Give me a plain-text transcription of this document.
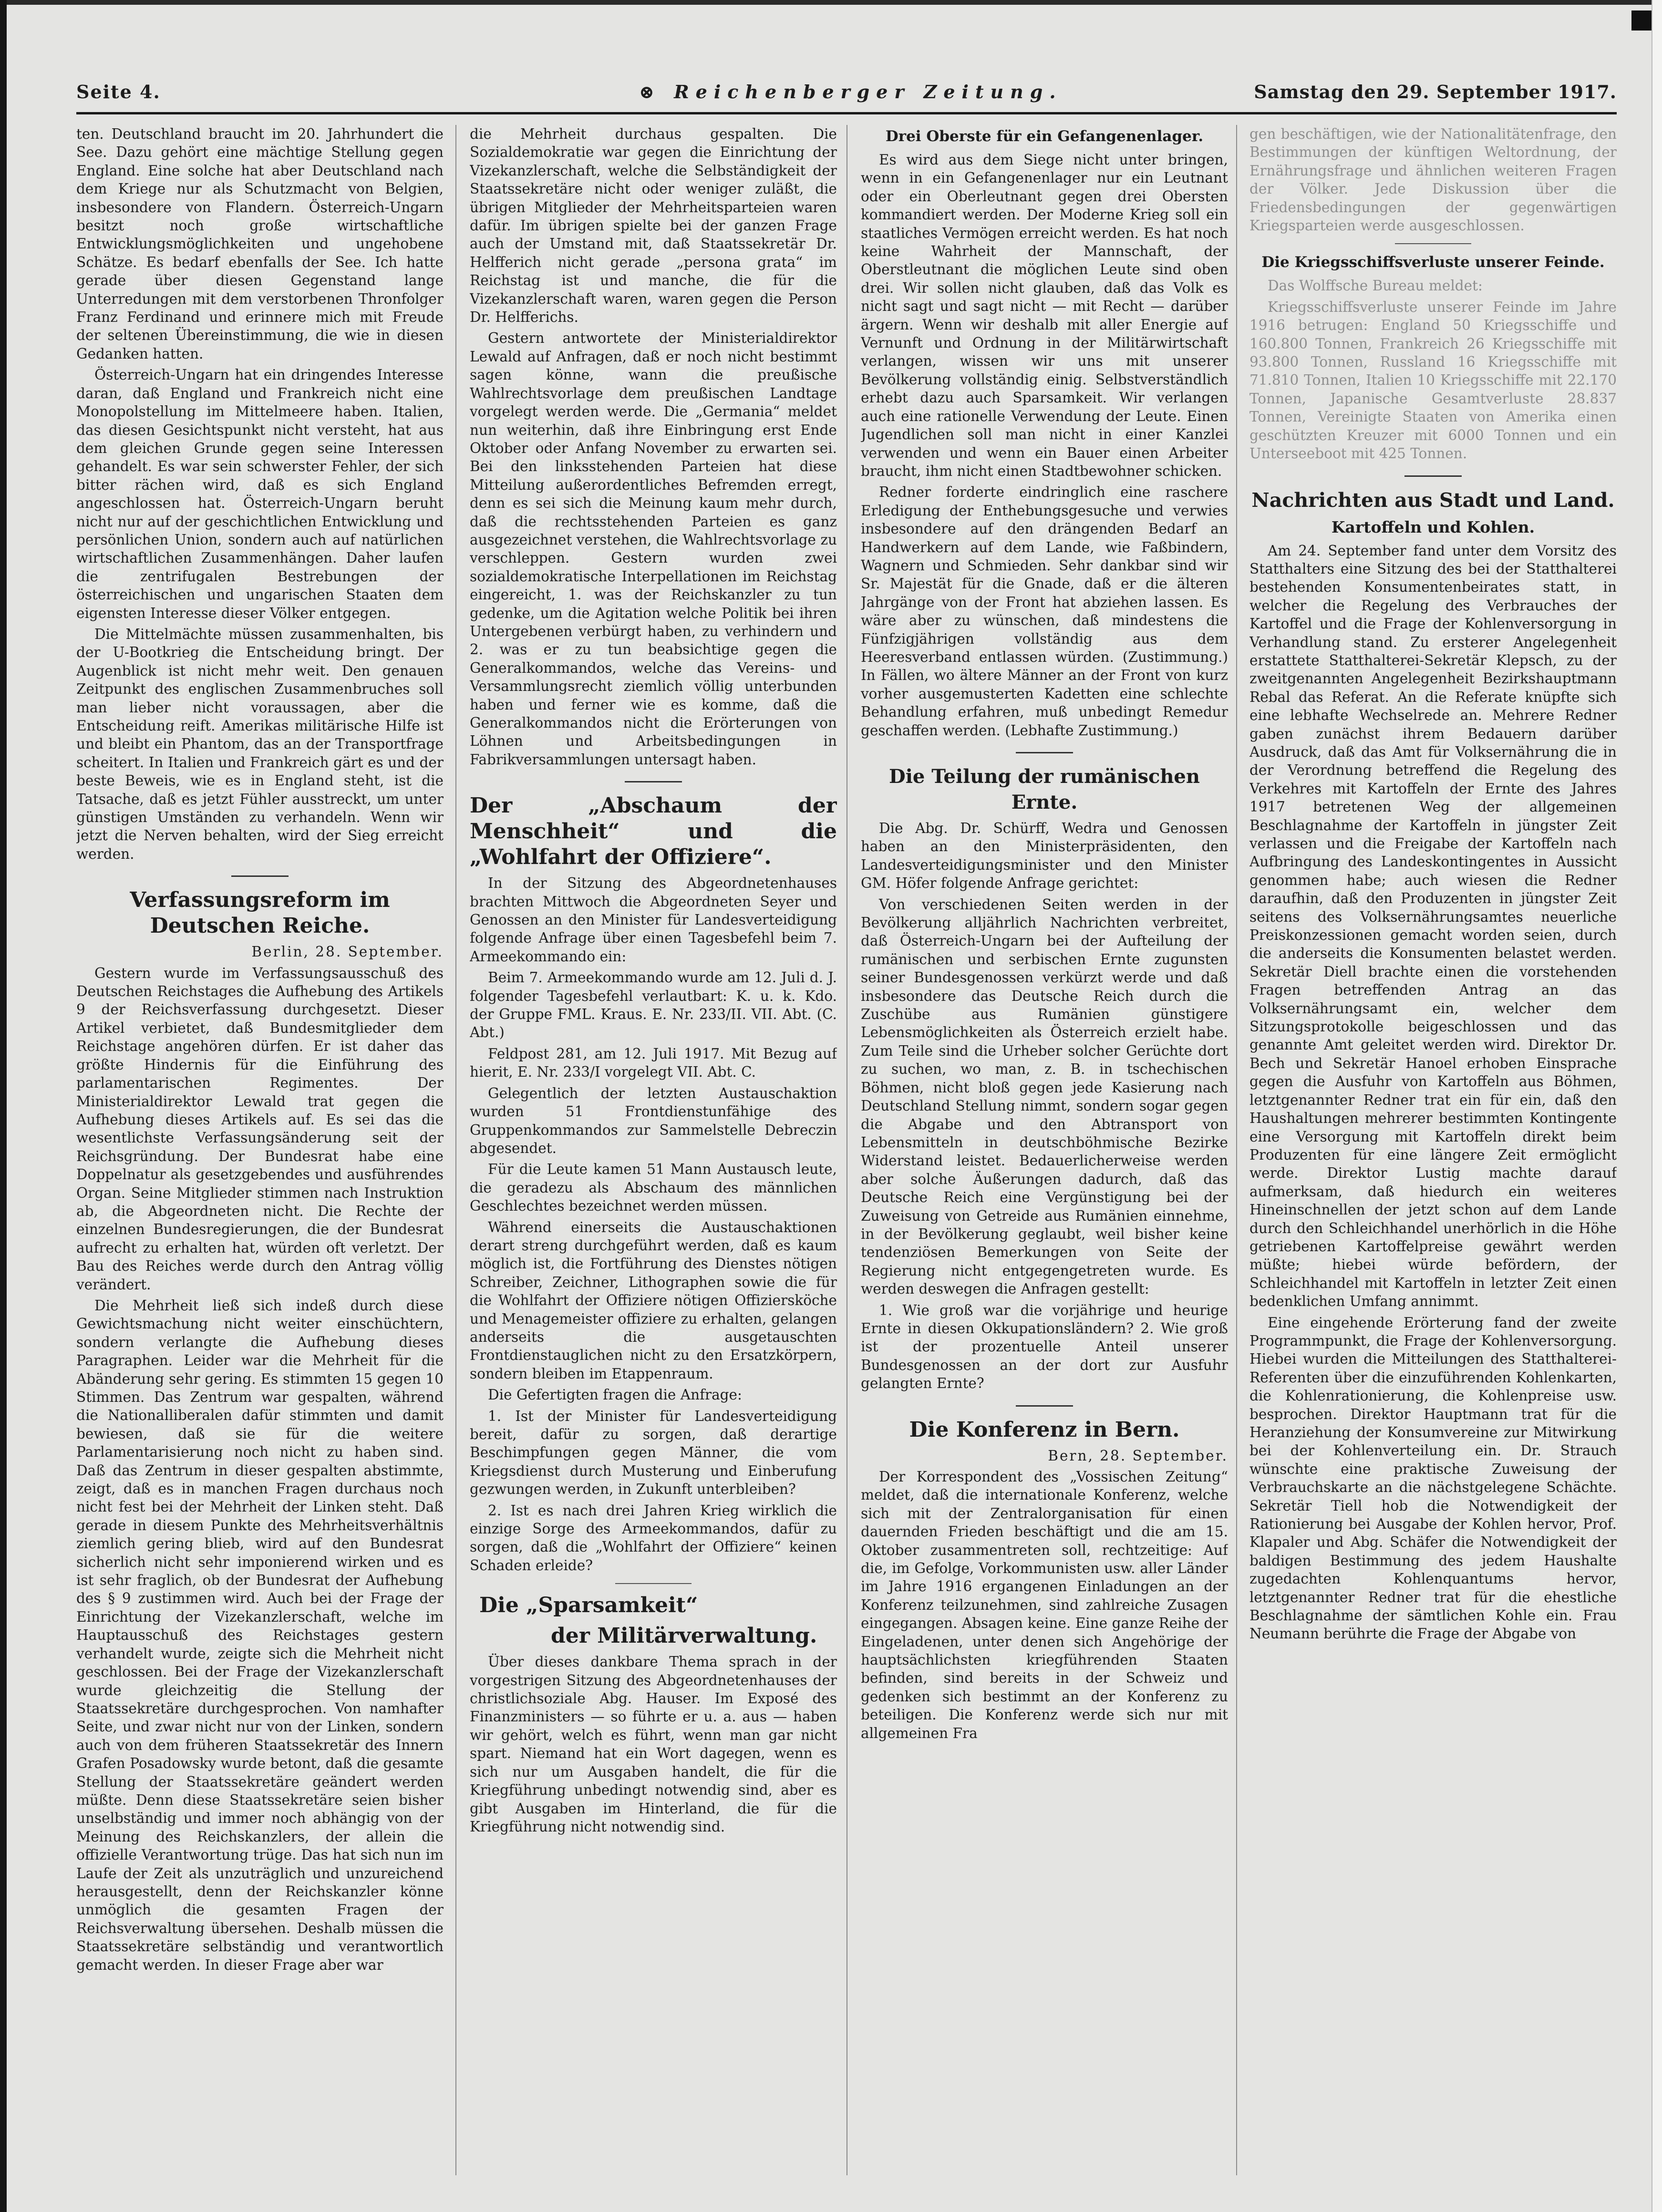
Seite 4.	⊗ Reichenberger Zeitung.	Samstag den 29. September 1917.

ten. Deutschland braucht im 20. Jahrhundert die See. Dazu gehört eine mächtige Stellung gegen England. Eine solche hat aber Deutschland nach dem Kriege nur als Schutzmacht von Belgien, insbesondere von Flandern. Österreich-Ungarn besitzt noch große wirtschaftliche Entwicklungsmöglichkeiten und ungehobene Schätze. Es bedarf ebenfalls der See. Ich hatte gerade über diesen Gegenstand lange Unterredungen mit dem verstorbenen Thronfolger Franz Ferdinand und erinnere mich mit Freude der seltenen Übereinstimmung, die wie in diesen Gedanken hatten.

Österreich-Ungarn hat ein dringendes Interesse daran, daß England und Frankreich nicht eine Monopolstellung im Mittelmeere haben. Italien, das diesen Gesichtspunkt nicht versteht, hat aus dem gleichen Grunde gegen seine Interessen gehandelt. Es war sein schwerster Fehler, der sich bitter rächen wird, daß es sich England angeschlossen hat. Österreich-Ungarn beruht nicht nur auf der geschichtlichen Entwicklung und persönlichen Union, sondern auch auf natürlichen wirtschaftlichen Zusammenhängen. Daher laufen die zentrifugalen Bestrebungen der österreichischen und ungarischen Staaten dem eigensten Interesse dieser Völker entgegen.

Die Mittelmächte müssen zusammenhalten, bis der U-Bootkrieg die Entscheidung bringt. Der Augenblick ist nicht mehr weit. Den genauen Zeitpunkt des englischen Zusammenbruches soll man lieber nicht voraussagen, aber die Entscheidung reift. Amerikas militärische Hilfe ist und bleibt ein Phantom, das an der Transportfrage scheitert. In Italien und Frankreich gärt es und der beste Beweis, wie es in England steht, ist die Tatsache, daß es jetzt Fühler ausstreckt, um unter günstigen Umständen zu verhandeln. Wenn wir jetzt die Nerven behalten, wird der Sieg erreicht werden.

Verfassungsreform im Deutschen Reiche.

Berlin, 28. September.

Gestern wurde im Verfassungsausschuß des Deutschen Reichstages die Aufhebung des Artikels 9 der Reichsverfassung durchgesetzt. Dieser Artikel verbietet, daß Bundesmitglieder dem Reichstage angehören dürfen. Er ist daher das größte Hindernis für die Einführung des parlamentarischen Regimentes. Der Ministerialdirektor Lewald trat gegen die Aufhebung dieses Artikels auf. Es sei das die wesentlichste Verfassungsänderung seit der Reichsgründung. Der Bundesrat habe eine Doppelnatur als gesetzgebendes und ausführendes Organ. Seine Mitglieder stimmen nach Instruktion ab, die Abgeordneten nicht. Die Rechte der einzelnen Bundesregierungen, die der Bundesrat aufrecht zu erhalten hat, würden oft verletzt. Der Bau des Reiches werde durch den Antrag völlig verändert.

Die Mehrheit ließ sich indeß durch diese Gewichtsmachung nicht weiter einschüchtern, sondern verlangte die Aufhebung dieses Paragraphen. Leider war die Mehrheit für die Abänderung sehr gering. Es stimmten 15 gegen 10 Stimmen. Das Zentrum war gespalten, während die Nationalliberalen dafür stimmten und damit bewiesen, daß sie für die weitere Parlamentarisierung noch nicht zu haben sind. Daß das Zentrum in dieser gespalten abstimmte, zeigt, daß es in manchen Fragen durchaus noch nicht fest bei der Mehrheit der Linken steht. Daß gerade in diesem Punkte des Mehrheitsverhältnis ziemlich gering blieb, wird auf den Bundesrat sicherlich nicht sehr imponierend wirken und es ist sehr fraglich, ob der Bundesrat der Aufhebung des § 9 zustimmen wird. Auch bei der Frage der Einrichtung der Vizekanzlerschaft, welche im Hauptausschuß des Reichstages gestern verhandelt wurde, zeigte sich die Mehrheit nicht geschlossen. Bei der Frage der Vizekanzlerschaft wurde gleichzeitig die Stellung der Staatssekretäre durchgesprochen. Von namhafter Seite, und zwar nicht nur von der Linken, sondern auch von dem früheren Staatssekretär des Innern Grafen Posadowsky wurde betont, daß die gesamte Stellung der Staatssekretäre geändert werden müßte. Denn diese Staatssekretäre seien bisher unselbständig und immer noch abhängig von der Meinung des Reichskanzlers, der allein die offizielle Verantwortung trüge. Das hat sich nun im Laufe der Zeit als unzuträglich und unzureichend herausgestellt, denn der Reichskanzler könne unmöglich die gesamten Fragen der Reichsverwaltung übersehen. Deshalb müssen die Staatssekretäre selbständig und verantwortlich gemacht werden. In dieser Frage aber war

die Mehrheit durchaus gespalten. Die Sozialdemokratie war gegen die Einrichtung der Vizekanzlerschaft, welche die Selbständigkeit der Staatssekretäre nicht oder weniger zuläßt, die übrigen Mitglieder der Mehrheitsparteien waren dafür. Im übrigen spielte bei der ganzen Frage auch der Umstand mit, daß Staatssekretär Dr. Helfferich nicht gerade „persona grata“ im Reichstag ist und manche, die für die Vizekanzlerschaft waren, waren gegen die Person Dr. Helfferichs.

Gestern antwortete der Ministerialdirektor Lewald auf Anfragen, daß er noch nicht bestimmt sagen könne, wann die preußische Wahlrechtsvorlage dem preußischen Landtage vorgelegt werden werde. Die „Germania“ meldet nun weiterhin, daß ihre Einbringung erst Ende Oktober oder Anfang November zu erwarten sei. Bei den linksstehenden Parteien hat diese Mitteilung außerordentliches Befremden erregt, denn es sei sich die Meinung kaum mehr durch, daß die rechtsstehenden Parteien es ganz ausgezeichnet verstehen, die Wahlrechtsvorlage zu verschleppen. Gestern wurden zwei sozialdemokratische Interpellationen im Reichstag eingereicht, 1. was der Reichskanzler zu tun gedenke, um die Agitation welche Politik bei ihren Untergebenen verbürgt haben, zu verhindern und 2. was er zu tun beabsichtige gegen die Generalkommandos, welche das Vereins- und Versammlungsrecht ziemlich völlig unterbunden haben und ferner wie es komme, daß die Generalkommandos nicht die Erörterungen von Löhnen und Arbeitsbedingungen in Fabrikversammlungen untersagt haben.

Der „Abschaum der Menschheit“ und die „Wohlfahrt der Offiziere“.

In der Sitzung des Abgeordnetenhauses brachten Mittwoch die Abgeordneten Seyer und Genossen an den Minister für Landesverteidigung folgende Anfrage über einen Tagesbefehl beim 7. Armeekommando ein:

Beim 7. Armeekommando wurde am 12. Juli d. J. folgender Tagesbefehl verlautbart: K. u. k. Kdo. der Gruppe FML. Kraus. E. Nr. 233/II. VII. Abt. (C. Abt.)

Feldpost 281, am 12. Juli 1917. Mit Bezug auf hierit, E. Nr. 233/I vorgelegt VII. Abt. C.

Gelegentlich der letzten Austauschaktion wurden 51 Frontdienstunfähige des Gruppenkommandos zur Sammelstelle Debreczin abgesendet.

Für die Leute kamen 51 Mann Austausch leute, die geradezu als Abschaum des männlichen Geschlechtes bezeichnet werden müssen.

Während einerseits die Austauschaktionen derart streng durchgeführt werden, daß es kaum möglich ist, die Fortführung des Dienstes nötigen Schreiber, Zeichner, Lithographen sowie die für die Wohlfahrt der Offiziere nötigen Offiziersköche und Menagemeister offiziere zu erhalten, gelangen anderseits die ausgetauschten Frontdienstauglichen nicht zu den Ersatzkörpern, sondern bleiben im Etappenraum.

Die Gefertigten fragen die Anfrage:

1. Ist der Minister für Landesverteidigung bereit, dafür zu sorgen, daß derartige Beschimpfungen gegen Männer, die vom Kriegsdienst durch Musterung und Einberufung gezwungen werden, in Zukunft unterbleiben?

2. Ist es nach drei Jahren Krieg wirklich die einzige Sorge des Armeekommandos, dafür zu sorgen, daß die „Wohlfahrt der Offiziere“ keinen Schaden erleide?

Die „Sparsamkeit“
der Militärverwaltung.

Über dieses dankbare Thema sprach in der vorgestrigen Sitzung des Abgeordnetenhauses der christlichsoziale Abg. Hauser. Im Exposé des Finanzministers — so führte er u. a. aus — haben wir gehört, welch es führt, wenn man gar nicht spart. Niemand hat ein Wort dagegen, wenn es sich nur um Ausgaben handelt, die für die Kriegführung unbedingt notwendig sind, aber es gibt Ausgaben im Hinterland, die für die Kriegführung nicht notwendig sind.

Drei Oberste für ein Gefangenenlager.

Es wird aus dem Siege nicht unter bringen, wenn in ein Gefangenenlager nur ein Leutnant oder ein Oberleutnant gegen drei Obersten kommandiert werden. Der Moderne Krieg soll ein staatliches Vermögen erreicht werden. Es hat noch keine Wahrheit der Mannschaft, der Oberstleutnant die möglichen Leute sind oben drei. Wir sollen nicht glauben, daß das Volk es nicht sagt und sagt nicht — mit Recht — darüber ärgern. Wenn wir deshalb mit aller Energie auf Vernunft und Ordnung in der Militärwirtschaft verlangen, wissen wir uns mit unserer Bevölkerung vollständig einig. Selbstverständlich erhebt dazu auch Sparsamkeit. Wir verlangen auch eine rationelle Verwendung der Leute. Einen Jugendlichen soll man nicht in einer Kanzlei verwenden und wenn ein Bauer einen Arbeiter braucht, ihm nicht einen Stadtbewohner schicken.

Redner forderte eindringlich eine raschere Erledigung der Enthebungsgesuche und verwies insbesondere auf den drängenden Bedarf an Handwerkern auf dem Lande, wie Faßbindern, Wagnern und Schmieden. Sehr dankbar sind wir Sr. Majestät für die Gnade, daß er die älteren Jahrgänge von der Front hat abziehen lassen. Es wäre aber zu wünschen, daß mindestens die Fünfzigjährigen vollständig aus dem Heeresverband entlassen würden. (Zustimmung.) In Fällen, wo ältere Männer an der Front von kurz vorher ausgemusterten Kadetten eine schlechte Behandlung erfahren, muß unbedingt Remedur geschaffen werden. (Lebhafte Zustimmung.)

Die Teilung der rumänischen Ernte.

Die Abg. Dr. Schürff, Wedra und Genossen haben an den Ministerpräsidenten, den Landesverteidigungsminister und den Minister GM. Höfer folgende Anfrage gerichtet:

Von verschiedenen Seiten werden in der Bevölkerung alljährlich Nachrichten verbreitet, daß Österreich-Ungarn bei der Aufteilung der rumänischen und serbischen Ernte zugunsten seiner Bundesgenossen verkürzt werde und daß insbesondere das Deutsche Reich durch die Zuschübe aus Rumänien günstigere Lebensmöglichkeiten als Österreich erzielt habe. Zum Teile sind die Urheber solcher Gerüchte dort zu suchen, wo man, z. B. in tschechischen Böhmen, nicht bloß gegen jede Kasierung nach Deutschland Stellung nimmt, sondern sogar gegen die Abgabe und den Abtransport von Lebensmitteln in deutschböhmische Bezirke Widerstand leistet. Bedauerlicherweise werden aber solche Äußerungen dadurch, daß das Deutsche Reich eine Vergünstigung bei der Zuweisung von Getreide aus Rumänien einnehme, in der Bevölkerung geglaubt, weil bisher keine tendenziösen Bemerkungen von Seite der Regierung nicht entgegengetreten wurde. Es werden deswegen die Anfragen gestellt:

1. Wie groß war die vorjährige und heurige Ernte in diesen Okkupationsländern? 2. Wie groß ist der prozentuelle Anteil unserer Bundesgenossen an der dort zur Ausfuhr gelangten Ernte?

Die Konferenz in Bern.

Bern, 28. September.

Der Korrespondent des „Vossischen Zeitung“ meldet, daß die internationale Konferenz, welche sich mit der Zentralorganisation für einen dauernden Frieden beschäftigt und die am 15. Oktober zusammentreten soll, rechtzeitige: Auf die, im Gefolge, Vorkommunisten usw. aller Länder im Jahre 1916 ergangenen Einladungen an der Konferenz teilzunehmen, sind zahlreiche Zusagen eingegangen. Absagen keine. Eine ganze Reihe der Eingeladenen, unter denen sich Angehörige der hauptsächlichsten kriegführenden Staaten befinden, sind bereits in der Schweiz und gedenken sich bestimmt an der Konferenz zu beteiligen. Die Konferenz werde sich nur mit allgemeinen Fra

gen beschäftigen, wie der Nationalitätenfrage, den Bestimmungen der künftigen Weltordnung, der Ernährungsfrage und ähnlichen weiteren Fragen der Völker. Jede Diskussion über die Friedensbedingungen der gegenwärtigen Kriegsparteien werde ausgeschlossen.

Die Kriegsschiffsverluste unserer Feinde.

Das Wolffsche Bureau meldet:

Kriegsschiffsverluste unserer Feinde im Jahre 1916 betrugen: England 50 Kriegsschiffe und 160.800 Tonnen, Frankreich 26 Kriegsschiffe mit 93.800 Tonnen, Russland 16 Kriegsschiffe mit 71.810 Tonnen, Italien 10 Kriegsschiffe mit 22.170 Tonnen, Japanische Gesamtverluste 28.837 Tonnen, Vereinigte Staaten von Amerika einen geschützten Kreuzer mit 6000 Tonnen und ein Unterseeboot mit 425 Tonnen.

Nachrichten aus Stadt und Land.
Kartoffeln und Kohlen.

Am 24. September fand unter dem Vorsitz des Statthalters eine Sitzung des bei der Statthalterei bestehenden Konsumentenbeirates statt, in welcher die Regelung des Verbrauches der Kartoffel und die Frage der Kohlenversorgung in Verhandlung stand. Zu ersterer Angelegenheit erstattete Statthalterei-Sekretär Klepsch, zu der zweitgenannten Angelegenheit Bezirkshauptmann Rebal das Referat. An die Referate knüpfte sich eine lebhafte Wechselrede an. Mehrere Redner gaben zunächst ihrem Bedauern darüber Ausdruck, daß das Amt für Volksernährung die in der Verordnung betreffend die Regelung des Verkehres mit Kartoffeln der Ernte des Jahres 1917 betretenen Weg der allgemeinen Beschlagnahme der Kartoffeln in jüngster Zeit verlassen und die Freigabe der Kartoffeln nach Aufbringung des Landeskontingentes in Aussicht genommen habe; auch wiesen die Redner daraufhin, daß den Produzenten in jüngster Zeit seitens des Volksernährungsamtes neuerliche Preiskonzessionen gemacht worden seien, durch die anderseits die Konsumenten belastet werden. Sekretär Diell brachte einen die vorstehenden Fragen betreffenden Antrag an das Volksernährungsamt ein, welcher dem Sitzungsprotokolle beigeschlossen und das genannte Amt geleitet werden wird. Direktor Dr. Bech und Sekretär Hanoel erhoben Einsprache gegen die Ausfuhr von Kartoffeln aus Böhmen, letztgenannter Redner trat ein für ein, daß den Haushaltungen mehrerer bestimmten Kontingente eine Versorgung mit Kartoffeln direkt beim Produzenten für eine längere Zeit ermöglicht werde. Direktor Lustig machte darauf aufmerksam, daß hiedurch ein weiteres Hineinschnellen der jetzt schon auf dem Lande durch den Schleichhandel unerhörlich in die Höhe getriebenen Kartoffelpreise gewährt werden müßte; hiebei würde befördern, der Schleichhandel mit Kartoffeln in letzter Zeit einen bedenklichen Umfang annimmt.

Eine eingehende Erörterung fand der zweite Programmpunkt, die Frage der Kohlenversorgung. Hiebei wurden die Mitteilungen des Statthalterei-Referenten über die einzuführenden Kohlenkarten, die Kohlenrationierung, die Kohlenpreise usw. besprochen. Direktor Hauptmann trat für die Heranziehung der Konsumvereine zur Mitwirkung bei der Kohlenverteilung ein. Dr. Strauch wünschte eine praktische Zuweisung der Verbrauchskarte an die nächstgelegene Schächte. Sekretär Tiell hob die Notwendigkeit der Rationierung bei Ausgabe der Kohlen hervor, Prof. Klapaler und Abg. Schäfer die Notwendigkeit der baldigen Bestimmung des jedem Haushalte zugedachten Kohlenquantums hervor, letztgenannter Redner trat für die ehestliche Beschlagnahme der sämtlichen Kohle ein. Frau Neumann berührte die Frage der Abgabe von
